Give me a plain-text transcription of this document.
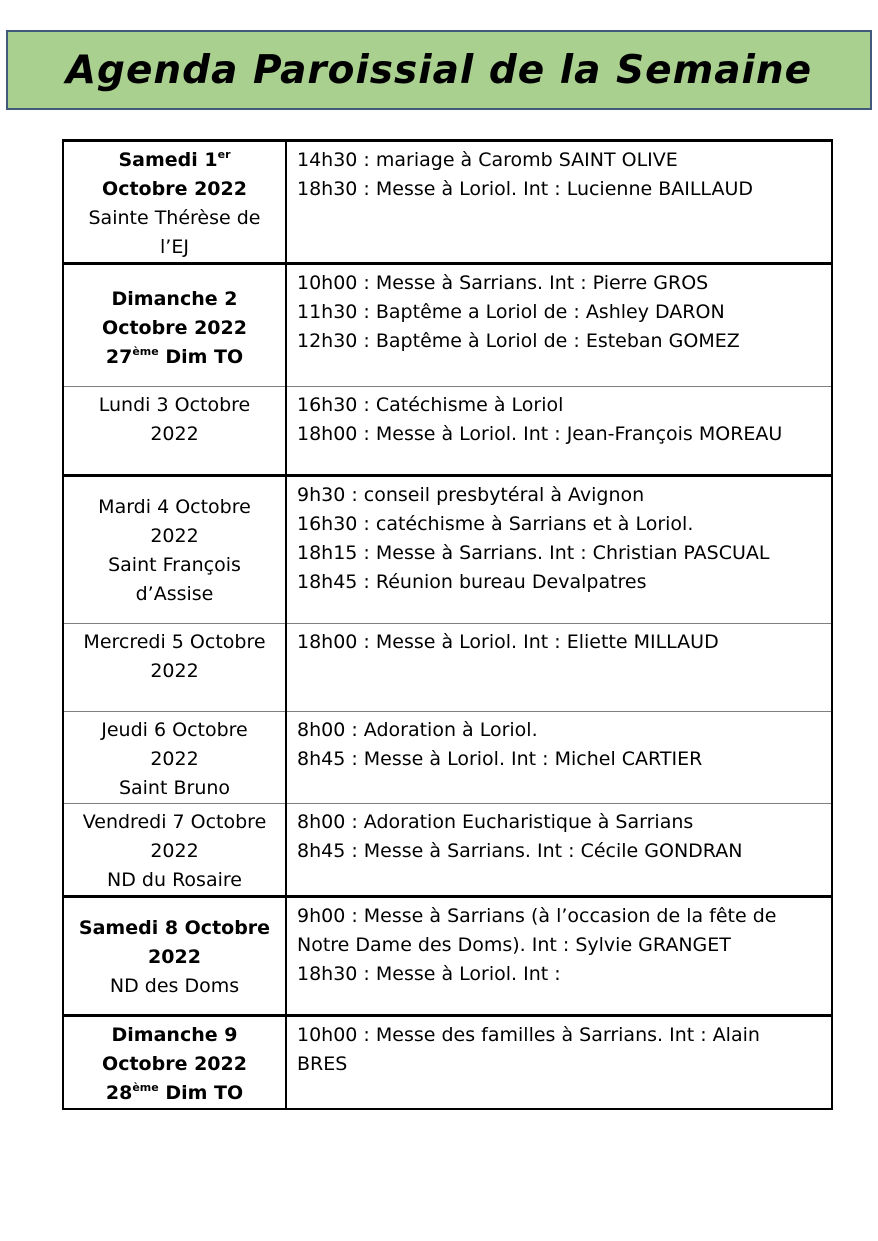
Agenda Paroissial de la Semaine
Samedi 1er
Octobre 2022
Sainte Thérèse de
l’EJ	14h30 : mariage à Caromb SAINT OLIVE
18h30 : Messe à Loriol. Int : Lucienne BAILLAUD

Dimanche 2
Octobre 2022
27ème Dim TO	10h00 : Messe à Sarrians. Int : Pierre GROS
11h30 : Baptême a Loriol de : Ashley DARON
12h30 : Baptême à Loriol de : Esteban GOMEZ

Lundi 3 Octobre
2022	16h30 : Catéchisme à Loriol
18h00 : Messe à Loriol. Int : Jean-François MOREAU

Mardi 4 Octobre
2022
Saint François
d’Assise	9h30 : conseil presbytéral à Avignon
16h30 : catéchisme à Sarrians et à Loriol.
18h15 : Messe à Sarrians. Int : Christian PASCUAL
18h45 : Réunion bureau Devalpatres

Mercredi 5 Octobre
2022	18h00 : Messe à Loriol. Int : Eliette MILLAUD

Jeudi 6 Octobre
2022
Saint Bruno	8h00 : Adoration à Loriol.
8h45 : Messe à Loriol. Int : Michel CARTIER

Vendredi 7 Octobre
2022
ND du Rosaire	8h00 : Adoration Eucharistique à Sarrians
8h45 : Messe à Sarrians. Int : Cécile GONDRAN

Samedi 8 Octobre
2022
ND des Doms	9h00 : Messe à Sarrians (à l’occasion de la fête de
Notre Dame des Doms). Int : Sylvie GRANGET
18h30 : Messe à Loriol. Int :

Dimanche 9
Octobre 2022
28ème Dim TO	10h00 : Messe des familles à Sarrians. Int : Alain
BRES
